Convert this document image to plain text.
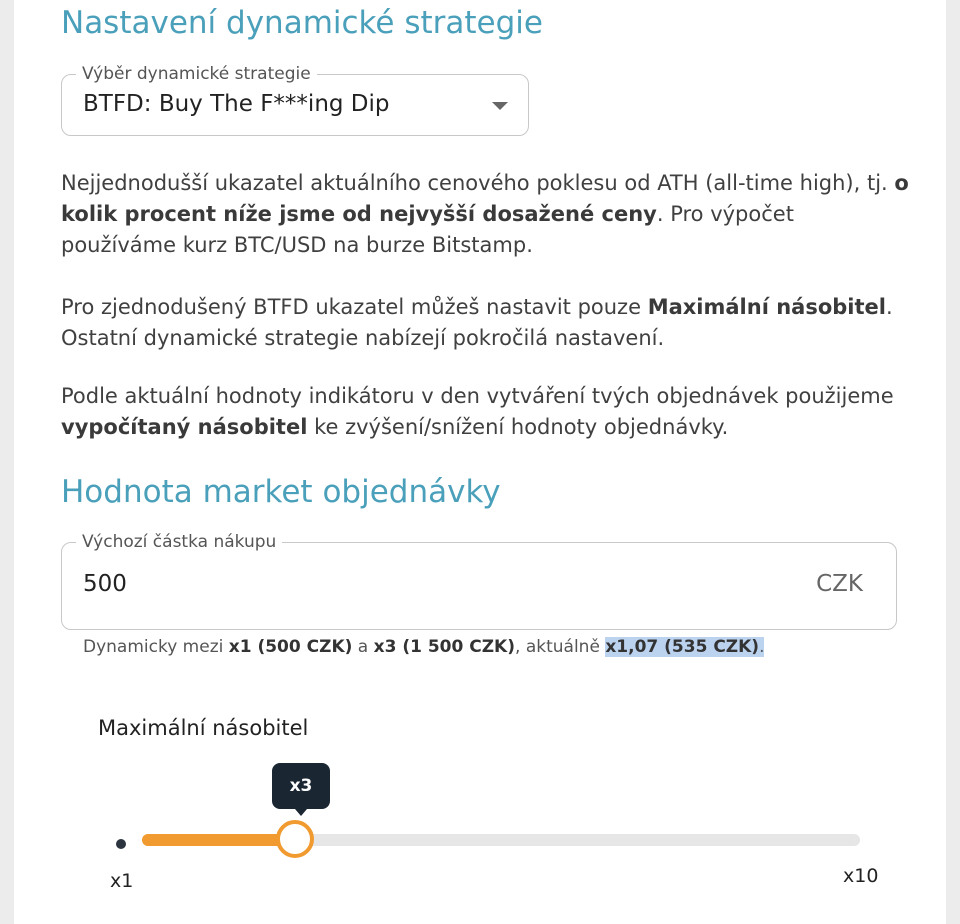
Nastavení dynamické strategie
Výběr dynamické strategie
BTFD: Buy The F***ing Dip

Nejjednodušší ukazatel aktuálního cenového poklesu od ATH (all-time high), tj. o kolik procent níže jsme od nejvyšší dosažené ceny. Pro výpočet používáme kurz BTC/USD na burze Bitstamp.

Pro zjednodušený BTFD ukazatel můžeš nastavit pouze Maximální násobitel. Ostatní dynamické strategie nabízejí pokročilá nastavení.

Podle aktuální hodnoty indikátoru v den vytváření tvých objednávek použijeme vypočítaný násobitel ke zvýšení/snížení hodnoty objednávky.

Hodnota market objednávky
Výchozí částka nákupu
500	CZK
Dynamicky mezi x1 (500 CZK) a x3 (1 500 CZK), aktuálně x1,07 (535 CZK).
Maximální násobitel
x3
x1	x10
